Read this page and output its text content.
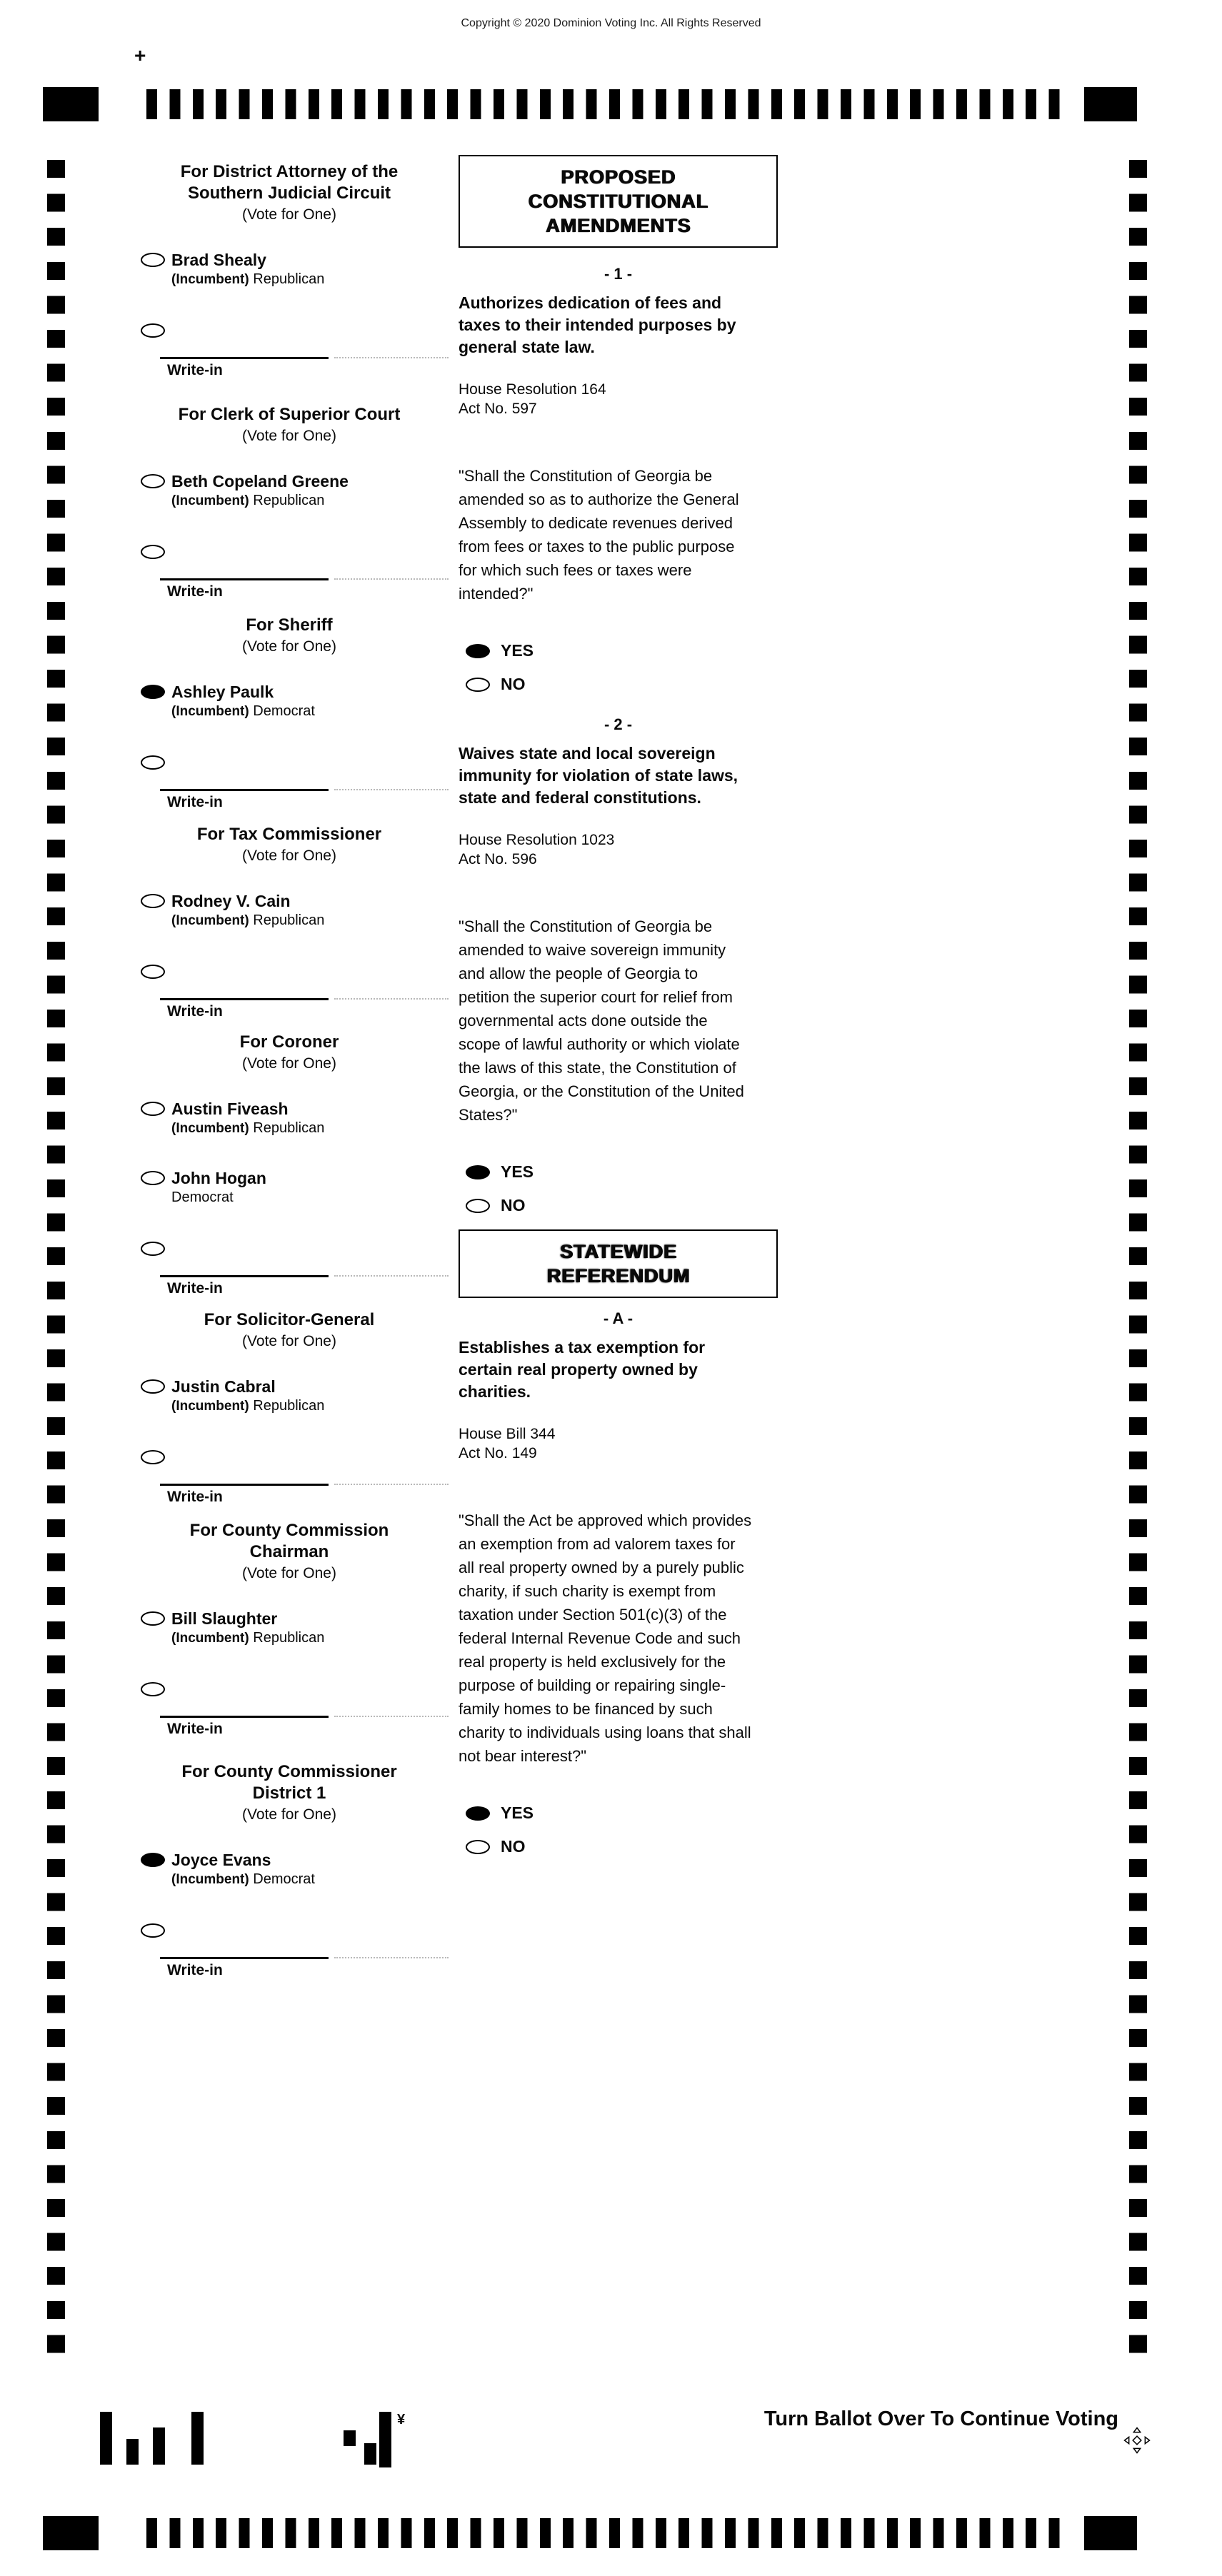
Copyright © 2020 Dominion Voting Inc. All Rights Reserved
+
For District Attorney of the
Southern Judicial Circuit
(Vote for One)
Brad Shealy
(Incumbent) Republican
Write-in
For Clerk of Superior Court
(Vote for One)
Beth Copeland Greene
(Incumbent) Republican
Write-in
For Sheriff
(Vote for One)
Ashley Paulk
(Incumbent) Democrat
Write-in
For Tax Commissioner
(Vote for One)
Rodney V. Cain
(Incumbent) Republican
Write-in
For Coroner
(Vote for One)
Austin Fiveash
(Incumbent) Republican
John Hogan
Democrat
Write-in
For Solicitor-General
(Vote for One)
Justin Cabral
(Incumbent) Republican
Write-in
For County Commission
Chairman
(Vote for One)
Bill Slaughter
(Incumbent) Republican
Write-in
For County Commissioner
District 1
(Vote for One)
Joyce Evans
(Incumbent) Democrat
Write-in
PROPOSED
CONSTITUTIONAL
AMENDMENTS
- 1 -
Authorizes dedication of fees and taxes to their intended purposes by general state law.
House Resolution 164
Act No. 597
"Shall the Constitution of Georgia be amended so as to authorize the General Assembly to dedicate revenues derived from fees or taxes to the public purpose for which such fees or taxes were intended?"
YES
NO
- 2 -
Waives state and local sovereign immunity for violation of state laws, state and federal constitutions.
House Resolution 1023
Act No. 596
"Shall the Constitution of Georgia be amended to waive sovereign immunity and allow the people of Georgia to petition the superior court for relief from governmental acts done outside the scope of lawful authority or which violate the laws of this state, the Constitution of Georgia, or the Constitution of the United States?"
YES
NO
STATEWIDE
REFERENDUM
- A -
Establishes a tax exemption for certain real property owned by charities.
House Bill 344
Act No. 149
"Shall the Act be approved which provides an exemption from ad valorem taxes for all real property owned by a purely public charity, if such charity is exempt from taxation under Section 501(c)(3) of the federal Internal Revenue Code and such real property is held exclusively for the purpose of building or repairing single-family homes to be financed by such charity to individuals using loans that shall not bear interest?"
YES
NO
¥	Turn Ballot Over To Continue Voting
